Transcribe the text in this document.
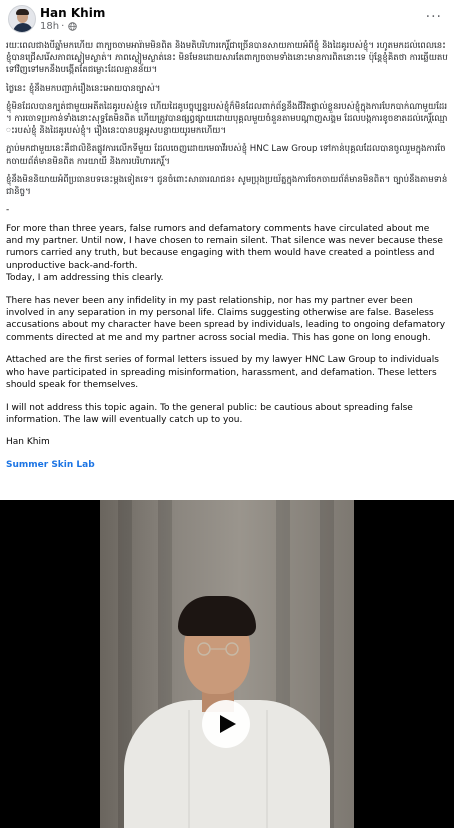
Han Khim
18h ·
···

រយៈពេលជាងបីឆ្នាំមកហើយ ពាក្យចចាមអារ៉ាមមិនពិត និងមតិបរិហារកេរ្តិ៍ជាច្រើនបានសាយភាយអំពីខ្ញុំ និងដៃគូរបស់ខ្ញុំ។ រហូតមកដល់ពេលនេះ ខ្ញុំបានជ្រើសរើសភាពស្ងៀមស្ងាត់។ ភាពស្ងៀមស្ងាត់នេះ មិនមែនដោយសារតែពាក្យចចាមទាំងនោះមានការពិតនោះទេ ប៉ុន្តែខ្ញុំគិតថា ការឆ្លើយតបទៅវិញទៅមកនឹងបង្កើតតែជម្លោះដែលគ្មានន័យ។

ថ្ងៃនេះ ខ្ញុំនឹងមកបញ្ជាក់រឿងនេះអោយបានច្បាស់។

ខ្ញុំមិនដែលបានក្បត់ជាមួយអតីតដៃគូរបស់ខ្ញុំទេ ហើយដៃគូបច្ចុប្បន្នរបស់ខ្ញុំក៏មិនដែលពាក់ព័ន្ធនឹងជីវិតផ្ទាល់ខ្លួនរបស់ខ្ញុំក្នុងការបែកបាក់ណាមួយដែរ។ ការចោទប្រកាន់ទាំងនោះសុទ្ធតែមិនពិត ហើយត្រូវបានផ្សព្វផ្សាយដោយបុគ្គលមួយចំនួនតាមបណ្តាញសង្គម ដែលបង្កការខូចខាតដល់កេរ្តិ៍ឈ្មោះរបស់ខ្ញុំ និងដៃគូរបស់ខ្ញុំ។ រឿងនេះបានបន្តអូសបន្លាយយូរមកហើយ។

ភ្ជាប់មកជាមួយនេះគឺជាលិខិតផ្លូវការលើកទីមួយ ដែលចេញដោយមេធាវីរបស់ខ្ញុំ HNC Law Group ទៅកាន់បុគ្គលដែលបានចូលរួមក្នុងការចែកចាយព័ត៌មានមិនពិត ការយាយី និងការបរិហារកេរ្តិ៍។

ខ្ញុំនឹងមិននិយាយអំពីប្រធានបទនេះម្តងទៀតទេ។ ជូនចំពោះសាធារណជន៖ សូមប្រុងប្រយ័ត្នក្នុងការចែកចាយព័ត៌មានមិនពិត។ ច្បាប់នឹងតាមទាន់ជានិច្ច។

-

For more than three years, false rumors and defamatory comments have circulated about me and my partner. Until now, I have chosen to remain silent. That silence was never because these rumors carried any truth, but because engaging with them would have created a pointless and unproductive back-and-forth.
Today, I am addressing this clearly.

There has never been any infidelity in my past relationship, nor has my partner ever been involved in any separation in my personal life. Claims suggesting otherwise are false. Baseless accusations about my character have been spread by individuals, leading to ongoing defamatory comments directed at me and my partner across social media. This has gone on long enough.

Attached are the first series of formal letters issued by my lawyer HNC Law Group to individuals who have participated in spreading misinformation, harassment, and defamation. These letters should speak for themselves.

I will not address this topic again. To the general public: be cautious about spreading false information. The law will eventually catch up to you.

Han Khim

Summer Skin Lab
